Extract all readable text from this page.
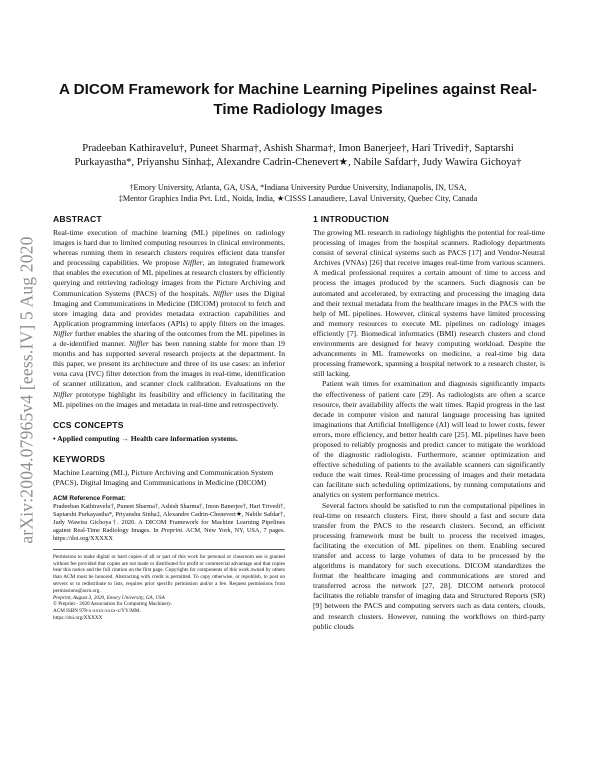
arXiv:2004.07965v4 [eess.IV] 5 Aug 2020
A DICOM Framework for Machine Learning Pipelines against Real-Time Radiology Images
Pradeeban Kathiravelu†, Puneet Sharma†, Ashish Sharma†, Imon Banerjee†, Hari Trivedi†, Saptarshi Purkayastha*, Priyanshu Sinha‡, Alexandre Cadrin-Chenevert★, Nabile Safdar†, Judy Wawira Gichoya†
†Emory University, Atlanta, GA, USA, *Indiana University Purdue University, Indianapolis, IN, USA,
‡Mentor Graphics India Pvt. Ltd., Noida, India, ★CISSS Lanaudiere, Laval University, Quebec City, Canada
ABSTRACT
Real-time execution of machine learning (ML) pipelines on radiology images is hard due to limited computing resources in clinical environments, whereas running them in research clusters requires efficient data transfer and processing capabilities. We propose Niffler, an integrated framework that enables the execution of ML pipelines at research clusters by efficiently querying and retrieving radiology images from the Picture Archiving and Communication Systems (PACS) of the hospitals. Niffler uses the Digital Imaging and Communications in Medicine (DICOM) protocol to fetch and store imaging data and provides metadata extraction capabilities and Application programming interfaces (APIs) to apply filters on the images. Niffler further enables the sharing of the outcomes from the ML pipelines in a de-identified manner. Niffler has been running stable for more than 19 months and has supported several research projects at the department. In this paper, we present its architecture and three of its use cases: an inferior vena cava (IVC) filter detection from the images in real-time, identification of scanner utilization, and scanner clock calibration. Evaluations on the Niffler prototype highlight its feasibility and efficiency in facilitating the ML pipelines on the images and metadata in real-time and retrospectively.
CCS CONCEPTS
• Applied computing → Health care information systems.
KEYWORDS
Machine Learning (ML), Picture Archiving and Communication System (PACS), Digital Imaging and Communications in Medicine (DICOM)
ACM Reference Format:
Pradeeban Kathiravelu†, Puneet Sharma†, Ashish Sharma†, Imon Banerjee†, Hari Trivedi†, Saptarshi Purkayastha*, Priyanshu Sinha‡, Alexandre Cadrin-Chenevert★, Nabile Safdar†, Judy Wawira Gichoya†. 2020. A DICOM Framework for Machine Learning Pipelines against Real-Time Radiology Images. In Preprint. ACM, New York, NY, USA, 7 pages. https://doi.org/XXXXX
Permission to make digital or hard copies of all or part of this work for personal or classroom use is granted without fee provided that copies are not made or distributed for profit or commercial advantage and that copies bear this notice and the full citation on the first page. Copyrights for components of this work owned by others than ACM must be honored. Abstracting with credit is permitted. To copy otherwise, or republish, to post on servers or to redistribute to lists, requires prior specific permission and/or a fee. Request permissions from permissions@acm.org.
Preprint, August 3, 2020, Emory University, GA, USA
© Preprint - 2020 Association for Computing Machinery.
ACM ISBN 978-x-xxxx-xxxx-x/YY/MM.
https://doi.org/XXXXX
1 INTRODUCTION

The growing ML research in radiology highlights the potential for real-time processing of images from the hospital scanners. Radiology departments consist of several clinical systems such as PACS [17] and Vendor-Neutral Archives (VNAs) [26] that receive images real-time from various scanners. A medical professional requires a certain amount of time to access and process the images produced by the scanners. Such diagnosis can be automated and accelerated, by extracting and processing the imaging data and their textual metadata from the healthcare images in the PACS with the help of ML pipelines. However, clinical systems have limited processing and memory resources to execute ML pipelines on radiology images efficiently [7]. Biomedical informatics (BMI) research clusters and cloud environments are designed for heavy computing workload. Despite the advancements in ML frameworks on medicine, a real-time big data processing framework, spanning a hospital network to a research cluster, is still lacking.

Patient wait times for examination and diagnosis significantly impacts the effectiveness of patient care [29]. As radiologists are often a scarce resource, their availability affects the wait times. Rapid progress in the last decade in computer vision and natural language processing has ignited imaginations that Artificial Intelligence (AI) will lead to lower costs, fewer errors, more efficiency, and better health care [25]. ML pipelines have been proposed to reliably prognosis and predict cancer to mitigate the workload of the diagnostic radiologists. Furthermore, scanner optimization and effective scheduling of patients to the available scanners can significantly reduce the wait times. Real-time processing of images and their metadata can facilitate such scheduling optimizations, by running computations and analytics on system performance metrics.

Several factors should be satisfied to run the computational pipelines in real-time on research clusters. First, there should a fast and secure data transfer from the PACS to the research clusters. Second, an efficient processing framework must be built to process the received images, facilitating the execution of ML pipelines on them. Enabling secured transfer and access to large volumes of data to be processed by the algorithms is mandatory for such executions. DICOM standardizes the format the healthcare imaging and communications are stored and transferred across the network [27, 28]. DICOM network protocol facilitates the reliable transfer of imaging data and Structured Reports (SR) [9] between the PACS and computing servers such as data centers, clouds, and research clusters. However, running the workflows on third-party public clouds
